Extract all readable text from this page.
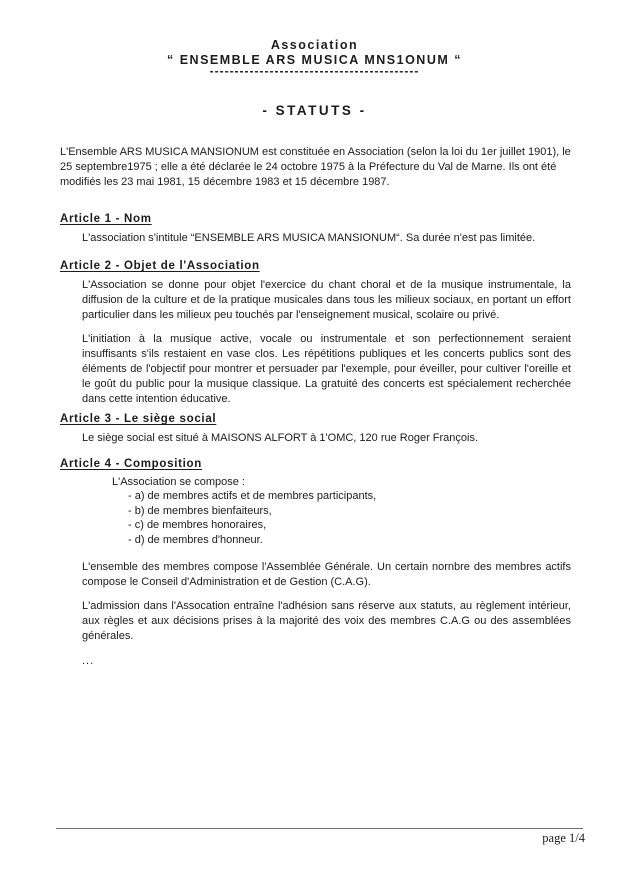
Association
“ ENSEMBLE ARS MUSICA MNS1ONUM “
------------------------------------------
- STATUTS -
L'Ensemble ARS MUSICA MANSIONUM est constituée en Association (selon la loi du 1er juillet 1901), le 25 septembre1975 ; elle a été déclarée le 24 octobre 1975 à la Préfecture du Val de Marne. Ils ont été modifiés les 23 mai 1981, 15 décembre 1983 et 15 décembre 1987.
Article 1 - Nom
L'association s'intitule “ENSEMBLE ARS MUSICA MANSIONUM“. Sa durée n'est pas limitée.
Article 2 - Objet de l'Association
L'Association se donne pour objet l'exercice du chant choral et de la musique instrumentale, la diffusion de la culture et de la pratique musicales dans tous les milieux sociaux, en portant un effort particulier dans les milieux peu touchés par l'enseignement musical, scolaire ou privé.
L'initiation à la musique active, vocale ou instrumentale et son perfectionnement seraient insuffisants s'ils restaient en vase clos. Les répétitions publiques et les concerts publics sont des éléments de l'objectif pour montrer et persuader par l'exemple, pour éveiller, pour cultiver l'oreille et le goût du public pour la musique classique. La gratuité des concerts est spécialement recherchée dans cette intention éducative.
Article 3 - Le siège social
Le siège social est situé à MAISONS ALFORT à 1'OMC, 120 rue Roger François.
Article 4 - Composition
L'Association se compose :
- a) de membres actifs et de membres participants,
- b) de membres bienfaiteurs,
- c) de membres honoraires,
- d) de membres d'honneur.
L'ensemble des membres compose l'Assemblée Générale. Un certain nornbre des membres actifs compose le Conseil d'Administration et de Gestion (C.A.G).
L'admission dans l'Assocation entraîne l'adhésion sans réserve aux statuts, au règlement intérieur, aux règles et aux décisions prises à la majorité des voix des membres C.A.G ou des assemblées générales.
...
page 1/4
